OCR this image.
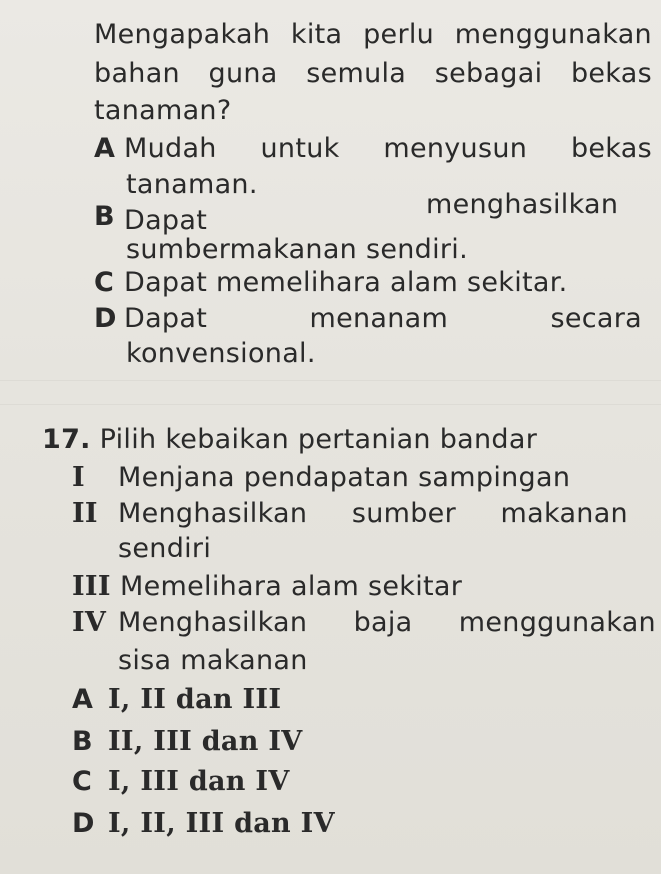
Mengapakah kita perlu menggunakan
bahan guna semula sebagai bekas
tanaman?
A Mudah untuk menyusun bekas
tanaman.
B Dapat
menghasilkan
sumbermakanan sendiri.
C Dapat memelihara alam sekitar.
D Dapat	menanam	secara
konvensional.
17. Pilih kebaikan pertanian bandar
I Menjana pendapatan sampingan
II Menghasilkan sumber makanan
sendiri
III Memelihara alam sekitar
IV Menghasilkan baja menggunakan
sisa makanan
A I, II dan III
B II, III dan IV
C I, III dan IV
D I, II, III dan IV
